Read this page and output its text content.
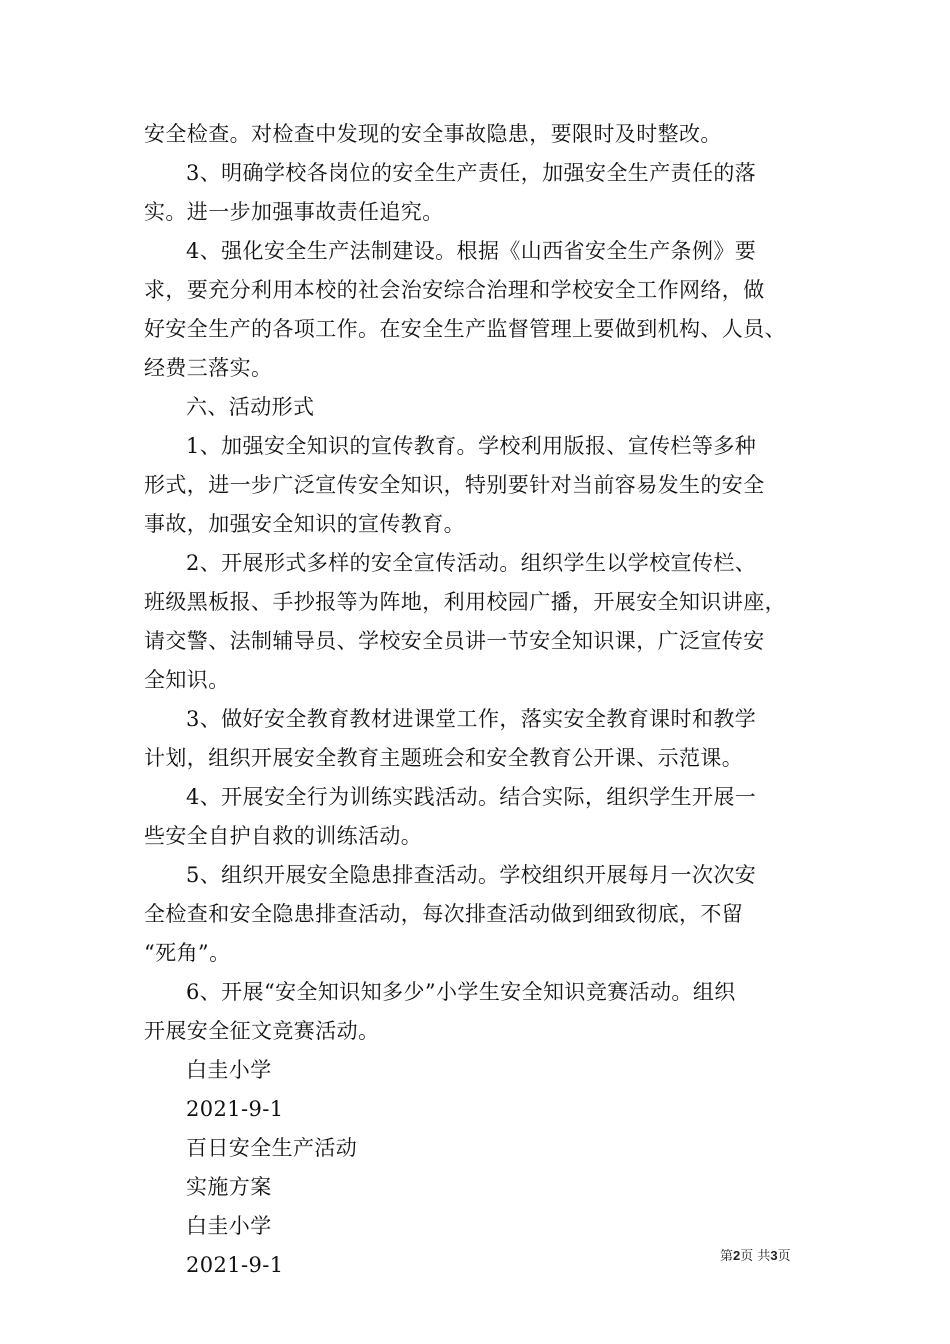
安全检查。对检查中发现的安全事故隐患，要限时及时整改。

3、明确学校各岗位的安全生产责任，加强安全生产责任的落

实。进一步加强事故责任追究。

4、强化安全生产法制建设。根据《山西省安全生产条例》要

求，要充分利用本校的社会治安综合治理和学校安全工作网络，做

好安全生产的各项工作。在安全生产监督管理上要做到机构、人员、

经费三落实。

六、活动形式

1、加强安全知识的宣传教育。学校利用版报、宣传栏等多种

形式，进一步广泛宣传安全知识，特别要针对当前容易发生的安全

事故，加强安全知识的宣传教育。

2、开展形式多样的安全宣传活动。组织学生以学校宣传栏、

班级黑板报、手抄报等为阵地，利用校园广播，开展安全知识讲座，

请交警、法制辅导员、学校安全员讲一节安全知识课，广泛宣传安

全知识。

3、做好安全教育教材进课堂工作，落实安全教育课时和教学

计划，组织开展安全教育主题班会和安全教育公开课、示范课。

4、开展安全行为训练实践活动。结合实际，组织学生开展一

些安全自护自救的训练活动。

5、组织开展安全隐患排查活动。学校组织开展每月一次次安

全检查和安全隐患排查活动，每次排查活动做到细致彻底，不留

“死角”。

6、开展“安全知识知多少”小学生安全知识竞赛活动。组织

开展安全征文竞赛活动。

白圭小学

2021-9-1

百日安全生产活动

实施方案

白圭小学

2021-9-1	第2页 共3页
